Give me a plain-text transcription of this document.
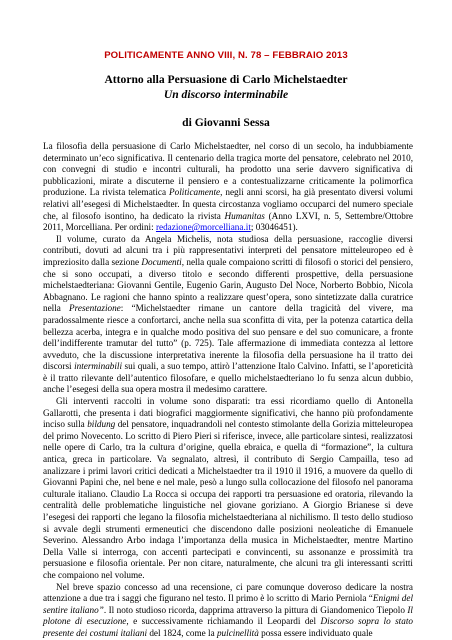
POLITICAMENTE ANNO VIII, N. 78 – FEBBRAIO 2013
Attorno alla Persuasione di Carlo Michelstaedter
Un discorso interminabile
di Giovanni Sessa

La filosofia della persuasione di Carlo Michelstaedter, nel corso di un secolo, ha indubbiamente determinato un’eco significativa. Il centenario della tragica morte del pensatore, celebrato nel 2010, con convegni di studio e incontri culturali, ha prodotto una serie davvero significativa di pubblicazioni, mirate a discuterne il pensiero e a contestualizzarne criticamente la polimorfica produzione. La rivista telematica Politicamente, negli anni scorsi, ha già presentato diversi volumi relativi all’esegesi di Michelstaedter. In questa circostanza vogliamo occuparci del numero speciale che, al filosofo isontino, ha dedicato la rivista Humanitas (Anno LXVI, n. 5, Settembre/Ottobre 2011, Morcelliana. Per ordini: redazione@morcelliana.it; 03046451).

Il volume, curato da Angela Michelis, nota studiosa della persuasione, raccoglie diversi contributi, dovuti ad alcuni tra i più rappresentativi interpreti del pensatore mitteleuropeo ed è impreziosito dalla sezione Documenti, nella quale compaiono scritti di filosofi o storici del pensiero, che si sono occupati, a diverso titolo e secondo differenti prospettive, della persuasione michelstaedteriana: Giovanni Gentile, Eugenio Garin, Augusto Del Noce, Norberto Bobbio, Nicola Abbagnano. Le ragioni che hanno spinto a realizzare quest’opera, sono sintetizzate dalla curatrice nella Presentazione: “Michelstaedter rimane un cantore della tragicità del vivere, ma paradossalmente riesce a confortarci, anche nella sua sconfitta di vita, per la potenza catartica della bellezza acerba, integra e in qualche modo positiva del suo pensare e del suo comunicare, a fronte dell’indifferente tramutar del tutto” (p. 725). Tale affermazione di immediata contezza al lettore avveduto, che la discussione interpretativa inerente la filosofia della persuasione ha il tratto dei discorsi interminabili sui quali, a suo tempo, attirò l’attenzione Italo Calvino. Infatti, se l’aporeticità è il tratto rilevante dell’autentico filosofare, e quello michelstaedteriano lo fu senza alcun dubbio, anche l’esegesi della sua opera mostra il medesimo carattere.

Gli interventi raccolti in volume sono disparati: tra essi ricordiamo quello di Antonella Gallarotti, che presenta i dati biografici maggiormente significativi, che hanno più profondamente inciso sulla bildung del pensatore, inquadrandoli nel contesto stimolante della Gorizia mitteleuropea del primo Novecento. Lo scritto di Piero Pieri si riferisce, invece, alle particolare sintesi, realizzatosi nelle opere di Carlo, tra la cultura d’origine, quella ebraica, e quella di “formazione”, la cultura antica, greca in particolare. Va segnalato, altresì, il contributo di Sergio Campailla, teso ad analizzare i primi lavori critici dedicati a Michelstaedter tra il 1910 il 1916, a muovere da quello di Giovanni Papini che, nel bene e nel male, pesò a lungo sulla collocazione del filosofo nel panorama culturale italiano. Claudio La Rocca si occupa dei rapporti tra persuasione ed oratoria, rilevando la centralità delle problematiche linguistiche nel giovane goriziano. A Giorgio Brianese si deve l’esegesi dei rapporti che legano la filosofia michelstaedteriana al nichilismo. Il testo dello studioso si avvale degli strumenti ermeneutici che discendono dalle posizioni neoleatiche di Emanuele Severino. Alessandro Arbo indaga l’importanza della musica in Michelstaedter, mentre Martino Della Valle si interroga, con accenti partecipati e convincenti, su assonanze e prossimità tra persuasione e filosofia orientale. Per non citare, naturalmente, che alcuni tra gli interessanti scritti che compaiono nel volume.

Nel breve spazio concesso ad una recensione, ci pare comunque doveroso dedicare la nostra attenzione a due tra i saggi che figurano nel testo. Il primo è lo scritto di Mario Perniola “Enigmi del sentire italiano”. Il noto studioso ricorda, dapprima attraverso la pittura di Giandomenico Tiepolo Il plotone di esecuzione, e successivamente richiamando il Leopardi del Discorso sopra lo stato presente dei costumi italiani del 1824, come la pulcinellità possa essere individuato quale
